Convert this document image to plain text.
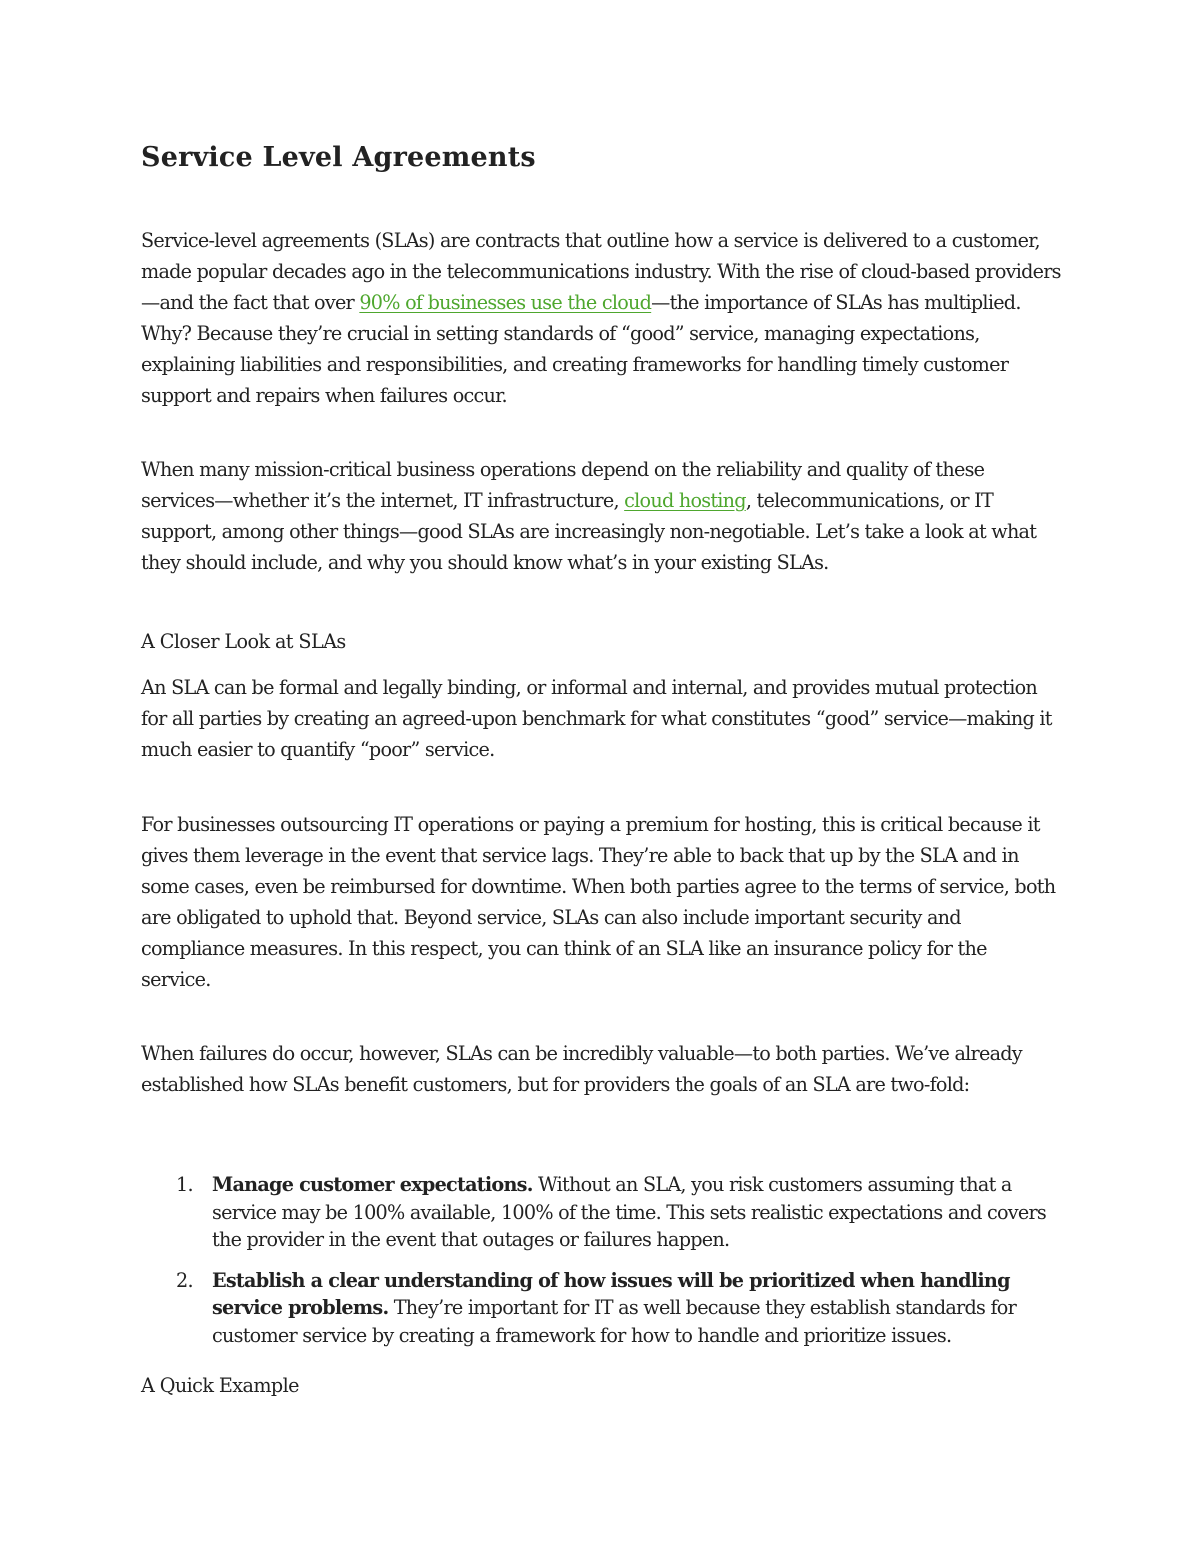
Service Level Agreements

Service-level agreements (SLAs) are contracts that outline how a service is delivered to a customer, made popular decades ago in the telecommunications industry. With the rise of cloud-based providers—and the fact that over 90% of businesses use the cloud—the importance of SLAs has multiplied. Why? Because they’re crucial in setting standards of “good” service, managing expectations, explaining liabilities and responsibilities, and creating frameworks for handling timely customer support and repairs when failures occur.

When many mission-critical business operations depend on the reliability and quality of these services—whether it’s the internet, IT infrastructure, cloud hosting, telecommunications, or IT support, among other things—good SLAs are increasingly non-negotiable. Let’s take a look at what they should include, and why you should know what’s in your existing SLAs.

A Closer Look at SLAs

An SLA can be formal and legally binding, or informal and internal, and provides mutual protection for all parties by creating an agreed-upon benchmark for what constitutes “good” service—making it much easier to quantify “poor” service.

For businesses outsourcing IT operations or paying a premium for hosting, this is critical because it gives them leverage in the event that service lags. They’re able to back that up by the SLA and in some cases, even be reimbursed for downtime. When both parties agree to the terms of service, both are obligated to uphold that. Beyond service, SLAs can also include important security and compliance measures. In this respect, you can think of an SLA like an insurance policy for the service.

When failures do occur, however, SLAs can be incredibly valuable—to both parties. We’ve already established how SLAs benefit customers, but for providers the goals of an SLA are two-fold:

1. Manage customer expectations. Without an SLA, you risk customers assuming that a service may be 100% available, 100% of the time. This sets realistic expectations and covers the provider in the event that outages or failures happen.
2. Establish a clear understanding of how issues will be prioritized when handling service problems. They’re important for IT as well because they establish standards for customer service by creating a framework for how to handle and prioritize issues.

A Quick Example
